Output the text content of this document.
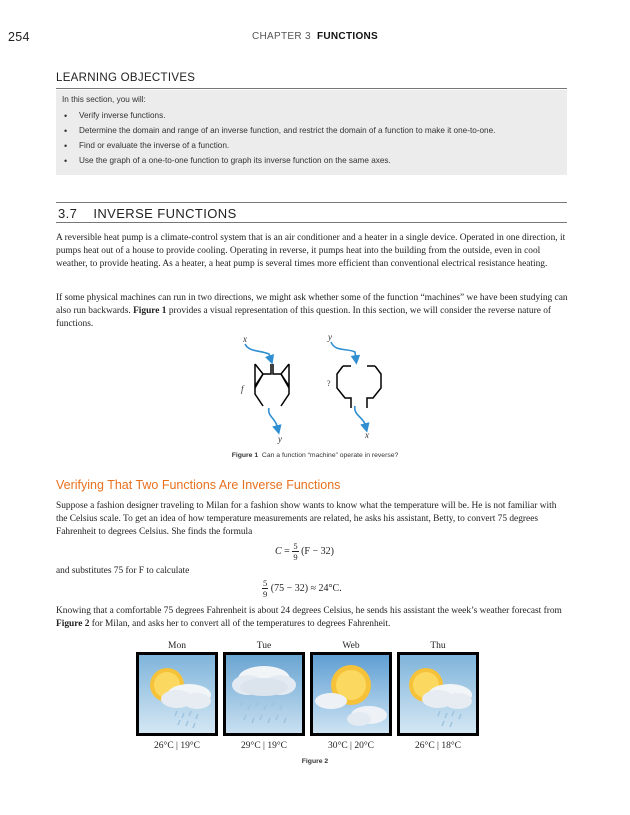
254	CHAPTER 3 FUNCTIONS
LEARNING OBJECTIVES
In this section, you will:
• Verify inverse functions.
• Determine the domain and range of an inverse function, and restrict the domain of a function to make it one-to-one.
• Find or evaluate the inverse of a function.
• Use the graph of a one-to-one function to graph its inverse function on the same axes.
3.7 INVERSE FUNCTIONS
A reversible heat pump is a climate-control system that is an air conditioner and a heater in a single device. Operated in one direction, it pumps heat out of a house to provide cooling. Operating in reverse, it pumps heat into the building from the outside, even in cool weather, to provide heating. As a heater, a heat pump is several times more efficient than conventional electrical resistance heating.
If some physical machines can run in two directions, we might ask whether some of the function “machines” we have been studying can also run backwards. Figure 1 provides a visual representation of this question. In this section, we will consider the reverse nature of functions.
x
f
y
y
?
x
Figure 1 Can a function “machine” operate in reverse?
Verifying That Two Functions Are Inverse Functions
Suppose a fashion designer traveling to Milan for a fashion show wants to know what the temperature will be. He is not familiar with the Celsius scale. To get an idea of how temperature measurements are related, he asks his assistant, Betty, to convert 75 degrees Fahrenheit to degrees Celsius. She finds the formula
$C = \frac{5}{9} (F - 32)$
and substitutes 75 for F to calculate
$\frac{5}{9} (75 - 32) \approx 24^\circ C$.
Knowing that a comfortable 75 degrees Fahrenheit is about 24 degrees Celsius, he sends his assistant the week’s weather forecast from Figure 2 for Milan, and asks her to convert all of the temperatures to degrees Fahrenheit.
Mon	Tue	Web	Thu
26°C | 19°C	29°C | 19°C	30°C | 20°C	26°C | 18°C
Figure 2
